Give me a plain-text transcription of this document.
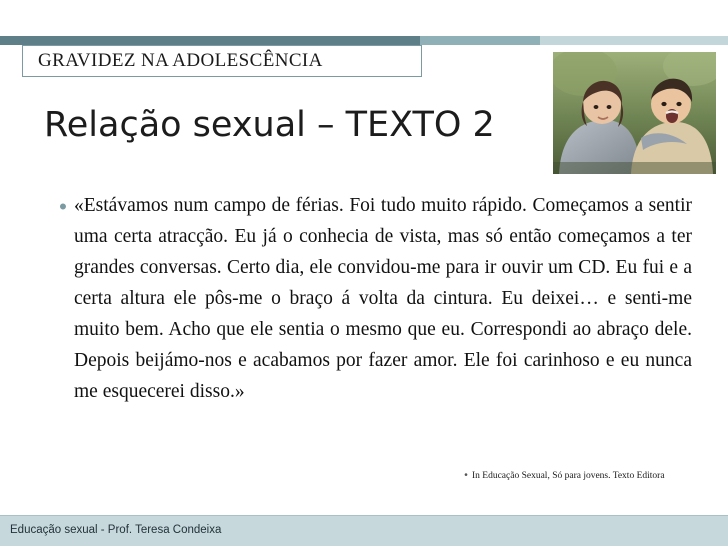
GRAVIDEZ NA ADOLESCÊNCIA
Relação sexual – TEXTO 2
• «Estávamos num campo de férias. Foi tudo muito rápido. Começamos a sentir uma certa atracção. Eu já o conhecia de vista, mas só então começamos a ter grandes conversas. Certo dia, ele convidou-me para ir ouvir um CD. Eu fui e a certa altura ele pôs-me o braço á volta da cintura. Eu deixei… e senti-me muito bem. Acho que ele sentia o mesmo que eu. Correspondi ao abraço dele. Depois beijámo-nos e acabamos por fazer amor. Ele foi carinhoso e eu nunca me esquecerei disso.»
• In Educação Sexual, Só para jovens. Texto Editora
Educação sexual - Prof. Teresa Condeixa
